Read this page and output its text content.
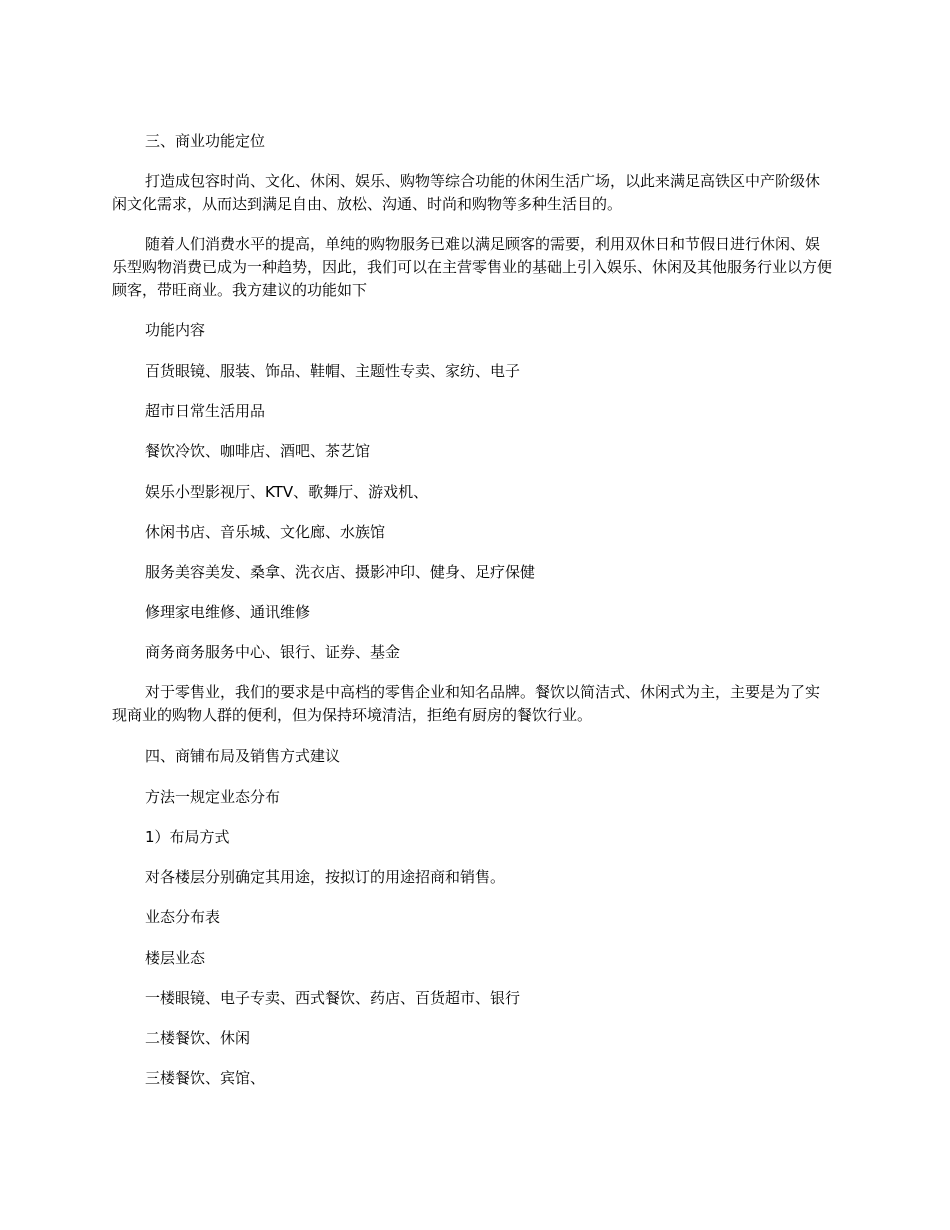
三、商业功能定位

打造成包容时尚、文化、休闲、娱乐、购物等综合功能的休闲生活广场，以此来满足高铁区中产阶级休闲文化需求，从而达到满足自由、放松、沟通、时尚和购物等多种生活目的。

随着人们消费水平的提高，单纯的购物服务已难以满足顾客的需要，利用双休日和节假日进行休闲、娱乐型购物消费已成为一种趋势，因此，我们可以在主营零售业的基础上引入娱乐、休闲及其他服务行业以方便顾客，带旺商业。我方建议的功能如下

功能内容

百货眼镜、服装、饰品、鞋帽、主题性专卖、家纺、电子

超市日常生活用品

餐饮冷饮、咖啡店、酒吧、茶艺馆

娱乐小型影视厅、KTV、歌舞厅、游戏机、

休闲书店、音乐城、文化廊、水族馆

服务美容美发、桑拿、洗衣店、摄影冲印、健身、足疗保健

修理家电维修、通讯维修

商务商务服务中心、银行、证券、基金

对于零售业，我们的要求是中高档的零售企业和知名品牌。餐饮以简洁式、休闲式为主，主要是为了实现商业的购物人群的便利，但为保持环境清洁，拒绝有厨房的餐饮行业。

四、商铺布局及销售方式建议

方法一规定业态分布

1）布局方式

对各楼层分别确定其用途，按拟订的用途招商和销售。

业态分布表

楼层业态

一楼眼镜、电子专卖、西式餐饮、药店、百货超市、银行

二楼餐饮、休闲

三楼餐饮、宾馆、
